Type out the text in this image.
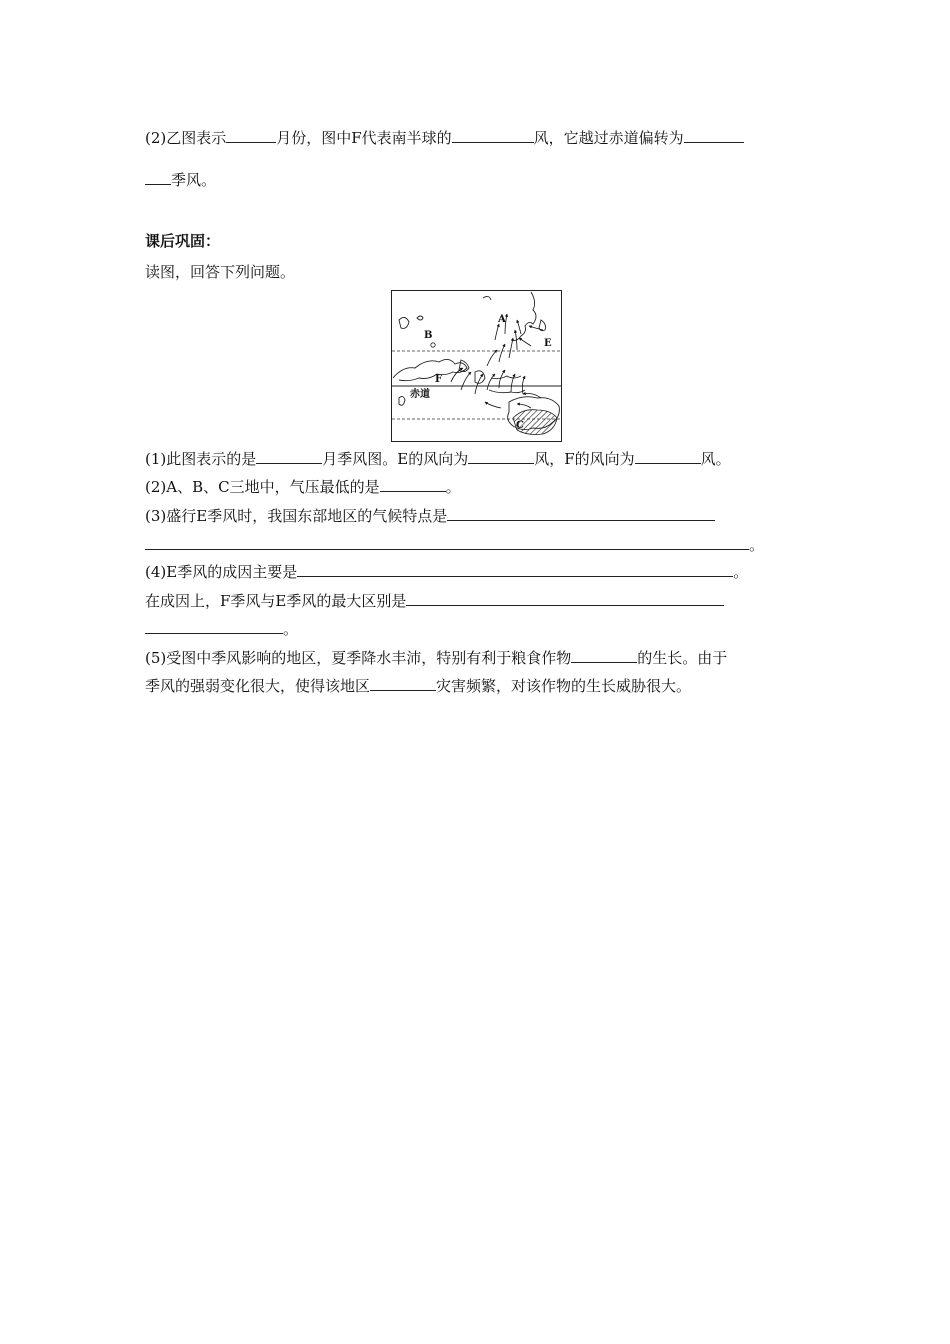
(2)乙图表示	月份，图中F代表南半球的	风，它越过赤道偏转为
季风。
课后巩固：
读图，回答下列问题。
A
B
E
F
C
赤道
(1)此图表示的是	月季风图。E的风向为	风，F的风向为	风。
(2)A、B、C三地中，气压最低的是	。
(3)盛行E季风时，我国东部地区的气候特点是
。
(4)E季风的成因主要是	。
在成因上，F季风与E季风的最大区别是
。
(5)受图中季风影响的地区，夏季降水丰沛，特别有利于粮食作物	的生长。由于
季风的强弱变化很大，使得该地区	灾害频繁，对该作物的生长威胁很大。
